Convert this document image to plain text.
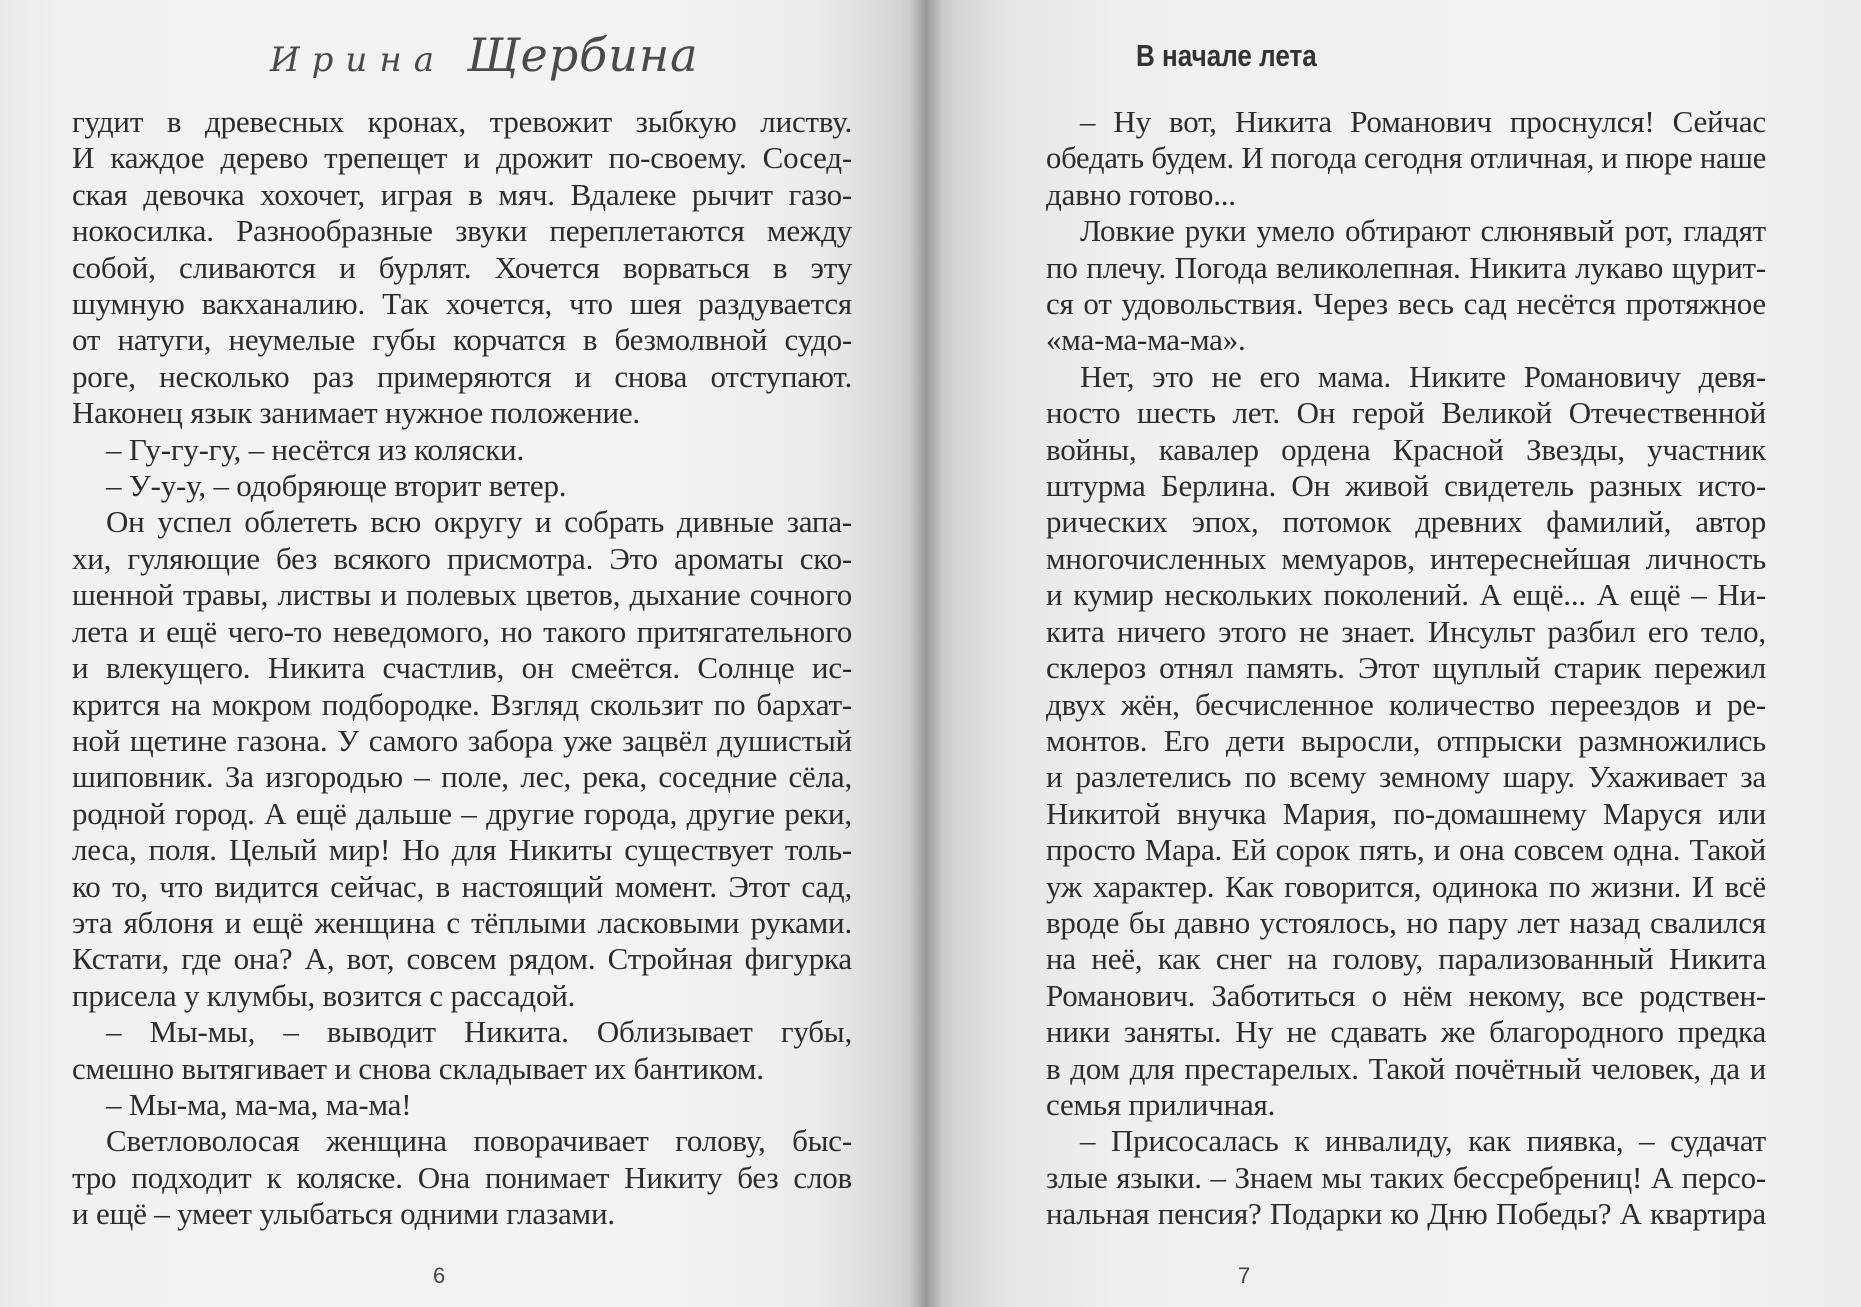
Ирина Щербина
гудит в древесных кронах, тревожит зыбкую листву.
И каждое дерево трепещет и дрожит по-своему. Сосед-
ская девочка хохочет, играя в мяч. Вдалеке рычит газо-
нокосилка. Разнообразные звуки переплетаются между
собой, сливаются и бурлят. Хочется ворваться в эту
шумную вакханалию. Так хочется, что шея раздувается
от натуги, неумелые губы корчатся в безмолвной судо-
роге, несколько раз примеряются и снова отступают.
Наконец язык занимает нужное положение.
– Гу-гу-гу, – несётся из коляски.
– У-у-у, – одобряюще вторит ветер.
Он успел облететь всю округу и собрать дивные запа-
хи, гуляющие без всякого присмотра. Это ароматы ско-
шенной травы, листвы и полевых цветов, дыхание сочного
лета и ещё чего-то неведомого, но такого притягательного
и влекущего. Никита счастлив, он смеётся. Солнце ис-
крится на мокром подбородке. Взгляд скользит по бархат-
ной щетине газона. У самого забора уже зацвёл душистый
шиповник. За изгородью – поле, лес, река, соседние сёла,
родной город. А ещё дальше – другие города, другие реки,
леса, поля. Целый мир! Но для Никиты существует толь-
ко то, что видится сейчас, в настоящий момент. Этот сад,
эта яблоня и ещё женщина с тёплыми ласковыми руками.
Кстати, где она? А, вот, совсем рядом. Стройная фигурка
присела у клумбы, возится с рассадой.
– Мы-мы, – выводит Никита. Облизывает губы,
смешно вытягивает и снова складывает их бантиком.
– Мы-ма, ма-ма, ма-ма!
Светловолосая женщина поворачивает голову, быс-
тро подходит к коляске. Она понимает Никиту без слов
и ещё – умеет улыбаться одними глазами.
6
В начале лета
– Ну вот, Никита Романович проснулся! Сейчас
обедать будем. И погода сегодня отличная, и пюре наше
давно готово...
Ловкие руки умело обтирают слюнявый рот, гладят
по плечу. Погода великолепная. Никита лукаво щурит-
ся от удовольствия. Через весь сад несётся протяжное
«ма-ма-ма-ма».
Нет, это не его мама. Никите Романовичу девя-
носто шесть лет. Он герой Великой Отечественной
войны, кавалер ордена Красной Звезды, участник
штурма Берлина. Он живой свидетель разных исто-
рических эпох, потомок древних фамилий, автор
многочисленных мемуаров, интереснейшая личность
и кумир нескольких поколений. А ещё... А ещё – Ни-
кита ничего этого не знает. Инсульт разбил его тело,
склероз отнял память. Этот щуплый старик пережил
двух жён, бесчисленное количество переездов и ре-
монтов. Его дети выросли, отпрыски размножились
и разлетелись по всему земному шару. Ухаживает за
Никитой внучка Мария, по-домашнему Маруся или
просто Мара. Ей сорок пять, и она совсем одна. Такой
уж характер. Как говорится, одинока по жизни. И всё
вроде бы давно устоялось, но пару лет назад свалился
на неё, как снег на голову, парализованный Никита
Романович. Заботиться о нём некому, все родствен-
ники заняты. Ну не сдавать же благородного предка
в дом для престарелых. Такой почётный человек, да и
семья приличная.
– Присосалась к инвалиду, как пиявка, – судачат
злые языки. – Знаем мы таких бессребрениц! А персо-
нальная пенсия? Подарки ко Дню Победы? А квартира
7
